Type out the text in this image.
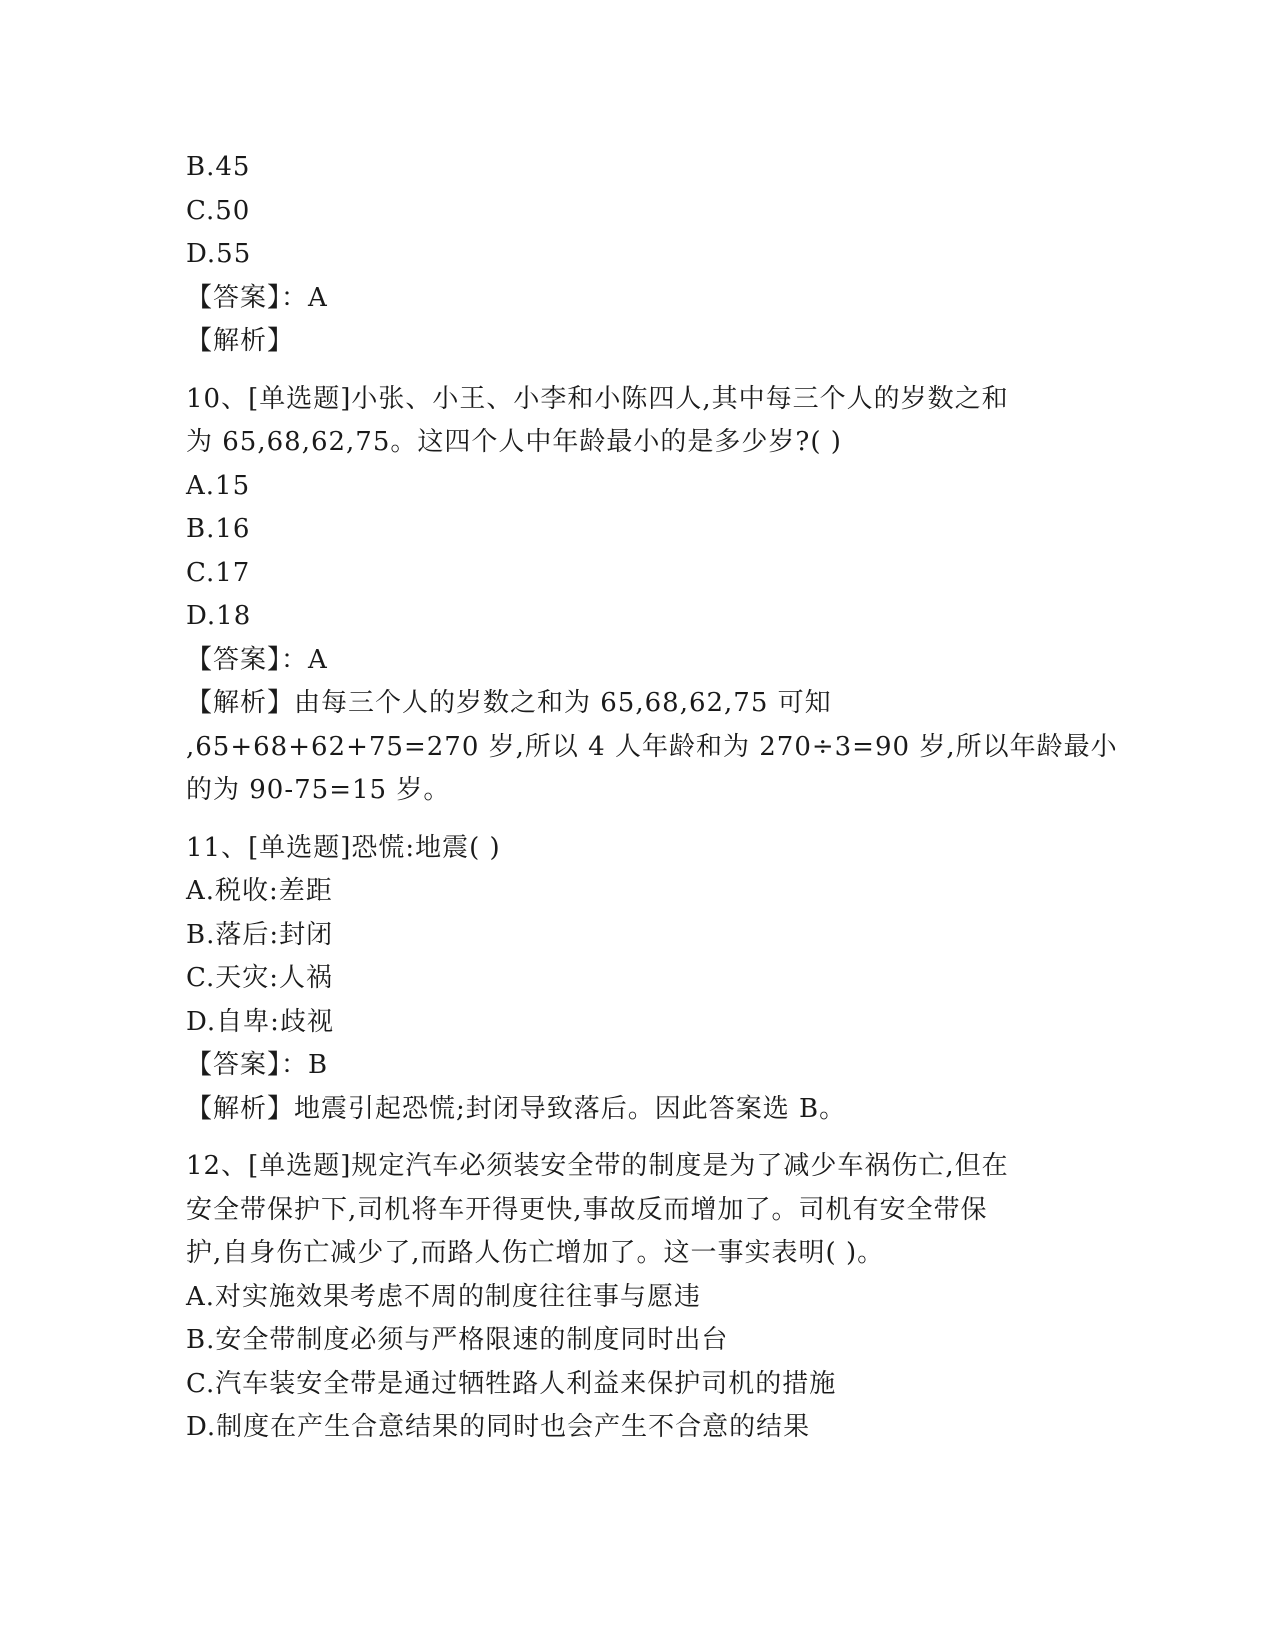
B.45
C.50
D.55
【答案】：A
【解析】
10、[单选题]小张、小王、小李和小陈四人,其中每三个人的岁数之和
为 65,68,62,75。这四个人中年龄最小的是多少岁?( )
A.15
B.16
C.17
D.18
【答案】：A
【解析】由每三个人的岁数之和为 65,68,62,75 可知
,65+68+62+75=270 岁,所以 4 人年龄和为 270÷3=90 岁,所以年龄最小
的为 90-75=15 岁。
11、[单选题]恐慌:地震( )
A.税收:差距
B.落后:封闭
C.天灾:人祸
D.自卑:歧视
【答案】：B
【解析】地震引起恐慌;封闭导致落后。因此答案选 B。
12、[单选题]规定汽车必须装安全带的制度是为了减少车祸伤亡,但在
安全带保护下,司机将车开得更快,事故反而增加了。司机有安全带保
护,自身伤亡减少了,而路人伤亡增加了。这一事实表明( )。
A.对实施效果考虑不周的制度往往事与愿违
B.安全带制度必须与严格限速的制度同时出台
C.汽车装安全带是通过牺牲路人利益来保护司机的措施
D.制度在产生合意结果的同时也会产生不合意的结果
